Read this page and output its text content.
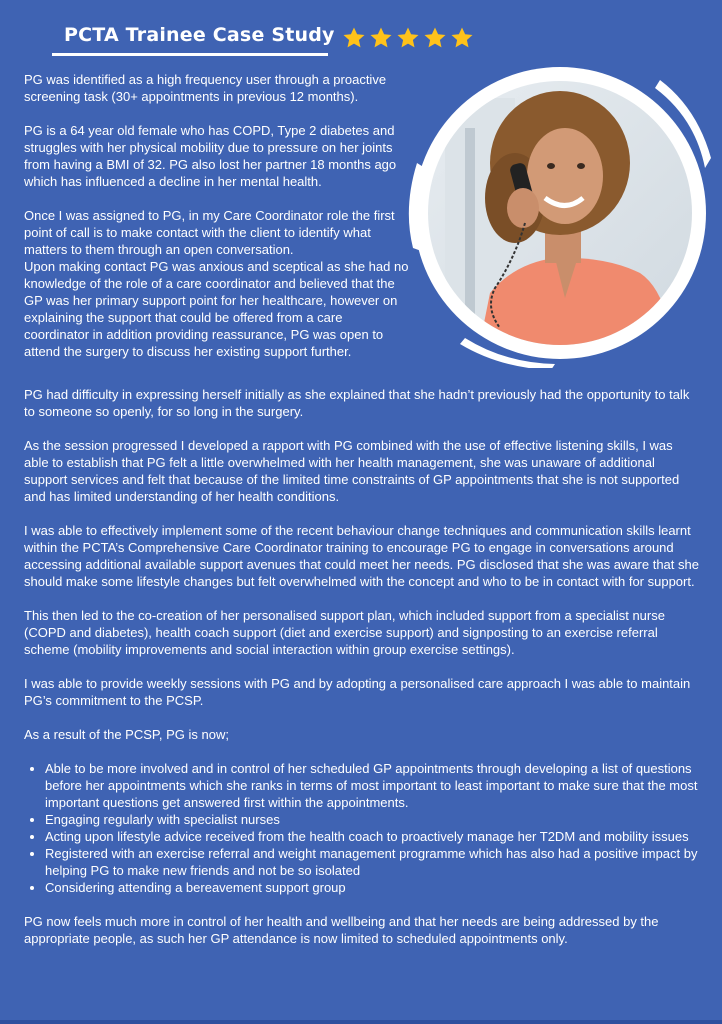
PCTA Trainee Case Study

PG was identified as a high frequency user through a proactive screening task (30+ appointments in previous 12 months).

PG is a 64 year old female who has COPD, Type 2 diabetes and struggles with her physical mobility due to pressure on her joints from having a BMI of 32. PG also lost her partner 18 months ago which has influenced a decline in her mental health.

Once I was assigned to PG, in my Care Coordinator role the first point of call is to make contact with the client to identify what matters to them through an open conversation.

Upon making contact PG was anxious and sceptical as she had no knowledge of the role of a care coordinator and believed that the GP was her primary support point for her healthcare, however on explaining the support that could be offered from a care coordinator in addition providing reassurance, PG was open to attend the surgery to discuss her existing support further.

PG had difficulty in expressing herself initially as she explained that she hadn’t previously had the opportunity to talk to someone so openly, for so long in the surgery.

As the session progressed I developed a rapport with PG combined with the use of effective listening skills, I was able to establish that PG felt a little overwhelmed with her health management, she was unaware of additional support services and felt that because of the limited time constraints of GP appointments that she is not supported and has limited understanding of her health conditions.

I was able to effectively implement some of the recent behaviour change techniques and communication skills learnt within the PCTA’s Comprehensive Care Coordinator training to encourage PG to engage in conversations around accessing additional available support avenues that could meet her needs. PG disclosed that she was aware that she should make some lifestyle changes but felt overwhelmed with the concept and who to be in contact with for support.

This then led to the co-creation of her personalised support plan, which included support from a specialist nurse (COPD and diabetes), health coach support (diet and exercise support) and signposting to an exercise referral scheme (mobility improvements and social interaction within group exercise settings).

I was able to provide weekly sessions with PG and by adopting a personalised care approach I was able to maintain PG’s commitment to the PCSP.

As a result of the PCSP, PG is now;

• Able to be more involved and in control of her scheduled GP appointments through developing a list of questions before her appointments which she ranks in terms of most important to least important to make sure that the most important questions get answered first within the appointments.
• Engaging regularly with specialist nurses
• Acting upon lifestyle advice received from the health coach to proactively manage her T2DM and mobility issues
• Registered with an exercise referral and weight management programme which has also had a positive impact by helping PG to make new friends and not be so isolated
• Considering attending a bereavement support group

PG now feels much more in control of her health and wellbeing and that her needs are being addressed by the appropriate people, as such her GP attendance is now limited to scheduled appointments only.
